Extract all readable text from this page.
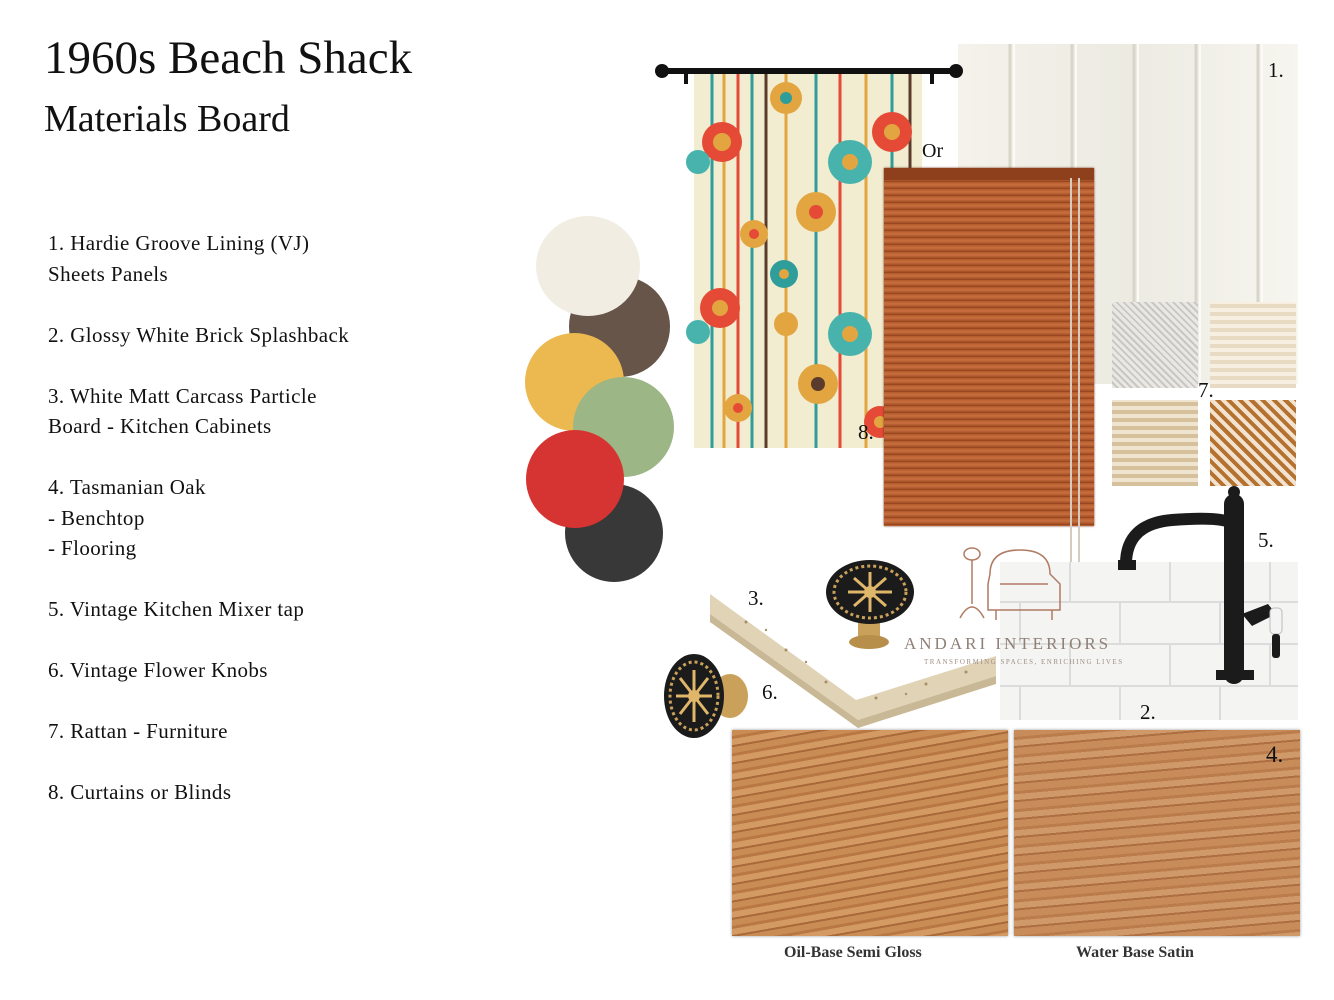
1960s Beach Shack
Materials Board
1. Hardie Groove Lining (VJ)
Sheets Panels
2. Glossy White Brick Splashback
3. White Matt Carcass Particle
Board - Kitchen Cabinets
4. Tasmanian Oak
- Benchtop
- Flooring
5. Vintage Kitchen Mixer tap
6. Vintage Flower Knobs
7. Rattan - Furniture
8. Curtains or Blinds
1.
8.
Or
7.
2.
5.
3.
6.
ANDARI INTERIORS
TRANSFORMING SPACES, ENRICHING LIVES
4.
Oil-Base Semi Gloss	Water Base Satin
